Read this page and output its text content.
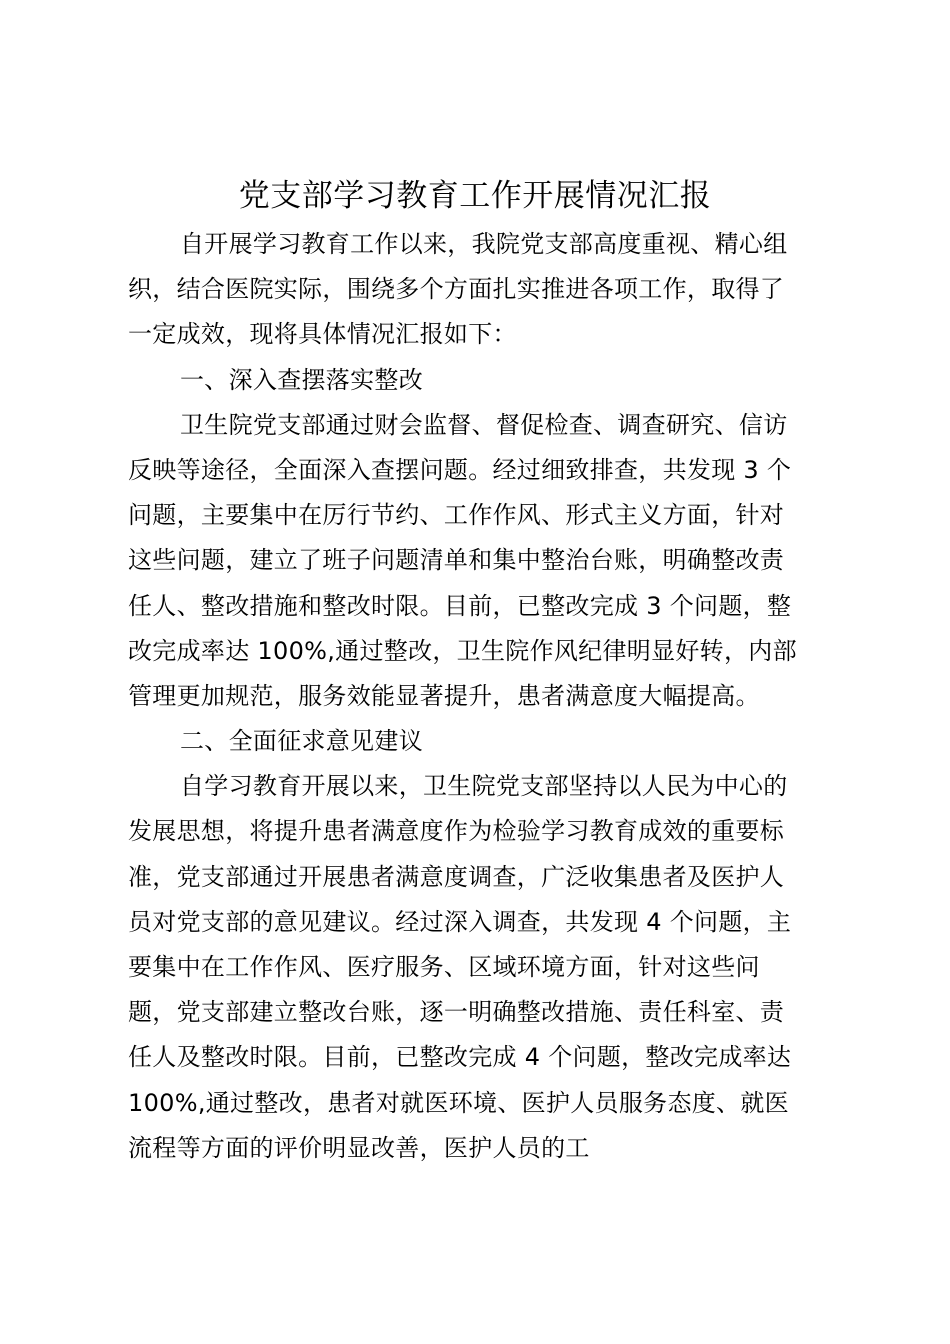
党支部学习教育工作开展情况汇报
自开展学习教育工作以来，我院党支部高度重视、精心组
织，结合医院实际，围绕多个方面扎实推进各项工作，取得了
一定成效，现将具体情况汇报如下：
一、深入查摆落实整改
卫生院党支部通过财会监督、督促检查、调查研究、信访
反映等途径，全面深入查摆问题。经过细致排查，共发现 3 个
问题，主要集中在厉行节约、工作作风、形式主义方面，针对
这些问题，建立了班子问题清单和集中整治台账，明确整改责
任人、整改措施和整改时限。目前，已整改完成 3 个问题，整
改完成率达 100%,通过整改，卫生院作风纪律明显好转，内部
管理更加规范，服务效能显著提升，患者满意度大幅提高。
二、全面征求意见建议
自学习教育开展以来，卫生院党支部坚持以人民为中心的
发展思想，将提升患者满意度作为检验学习教育成效的重要标
准，党支部通过开展患者满意度调查，广泛收集患者及医护人
员对党支部的意见建议。经过深入调查，共发现 4 个问题，主
要集中在工作作风、医疗服务、区域环境方面，针对这些问
题，党支部建立整改台账，逐一明确整改措施、责任科室、责
任人及整改时限。目前，已整改完成 4 个问题，整改完成率达
100%,通过整改，患者对就医环境、医护人员服务态度、就医
流程等方面的评价明显改善，医护人员的工
